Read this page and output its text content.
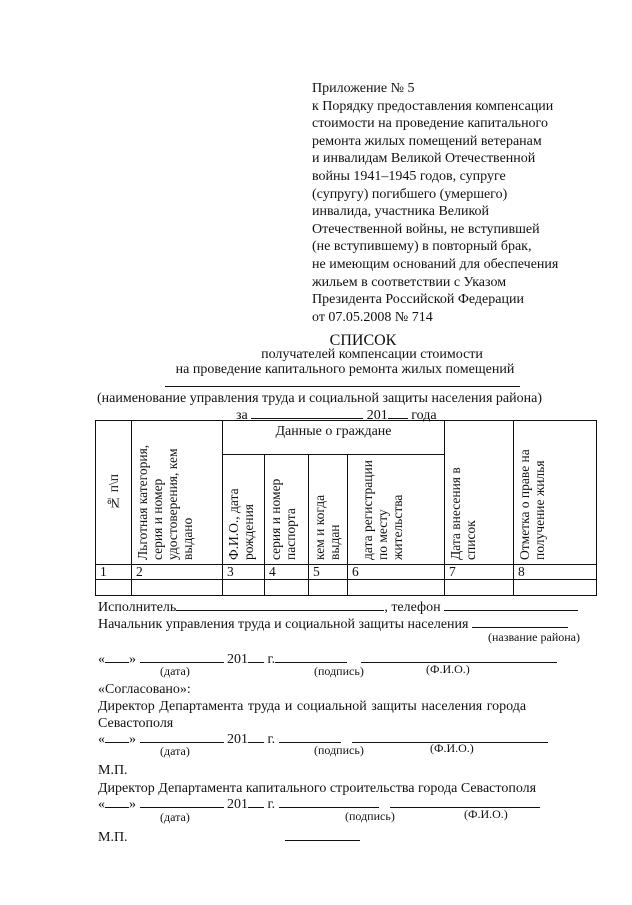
Приложение № 5
к Порядку предоставления компенсации
стоимости на проведение капитального
ремонта жилых помещений ветеранам
и инвалидам Великой Отечественной
войны 1941–1945 годов, супруге
(супругу) погибшего (умершего)
инвалида, участника Великой
Отечественной войны, не вступившей
(не вступившему) в повторный брак,
не имеющим оснований для обеспечения
жильем в соответствии с Указом
Президента Российской Федерации
от 07.05.2008 № 714
СПИСОК
получателей компенсации стоимости
на проведение капитального ремонта жилых помещений
(наименование управления труда и социальной защиты населения района)
за	201 года
№ п\п	Льготная категория, серия и номер удостоверения, кем выдано	Данные о гражданe				Дата внесения в список	Отметка о праве на получение жилья

		Ф.И.О., дата рождения	серия и номер паспорта	кем и когда выдан	дата регистрации по месту жительства		

1	2	3	4	5	6	7	8

Исполнитель	, телефон
Начальник управления труда и социальной защиты населения
(название района)
« »	201 г.
(дата)	(подпись)	(Ф.И.О.)
«Согласовано»:
Директор Департамента труда и социальной защиты населения города
Севастополя
« »	201 г.
(дата)	(подпись)	(Ф.И.О.)
М.П.
Директор Департамента капитального строительства города Севастополя
« »	201 г.
(дата)	(подпись)	(Ф.И.О.)
М.П.
